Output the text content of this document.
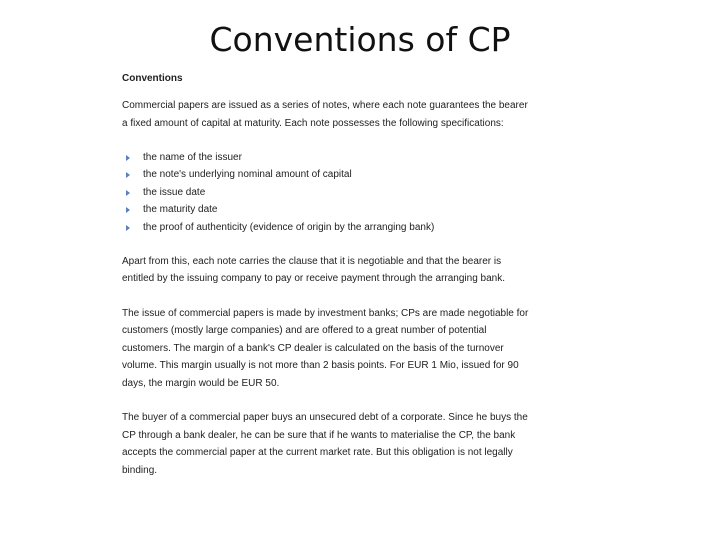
Conventions of CP
Conventions
Commercial papers are issued as a series of notes, where each note guarantees the bearer
a fixed amount of capital at maturity. Each note possesses the following specifications:
the name of the issuer
the note's underlying nominal amount of capital
the issue date
the maturity date
the proof of authenticity (evidence of origin by the arranging bank)
Apart from this, each note carries the clause that it is negotiable and that the bearer is
entitled by the issuing company to pay or receive payment through the arranging bank.
The issue of commercial papers is made by investment banks; CPs are made negotiable for
customers (mostly large companies) and are offered to a great number of potential
customers. The margin of a bank's CP dealer is calculated on the basis of the turnover
volume. This margin usually is not more than 2 basis points. For EUR 1 Mio, issued for 90
days, the margin would be EUR 50.
The buyer of a commercial paper buys an unsecured debt of a corporate. Since he buys the
CP through a bank dealer, he can be sure that if he wants to materialise the CP, the bank
accepts the commercial paper at the current market rate. But this obligation is not legally
binding.
